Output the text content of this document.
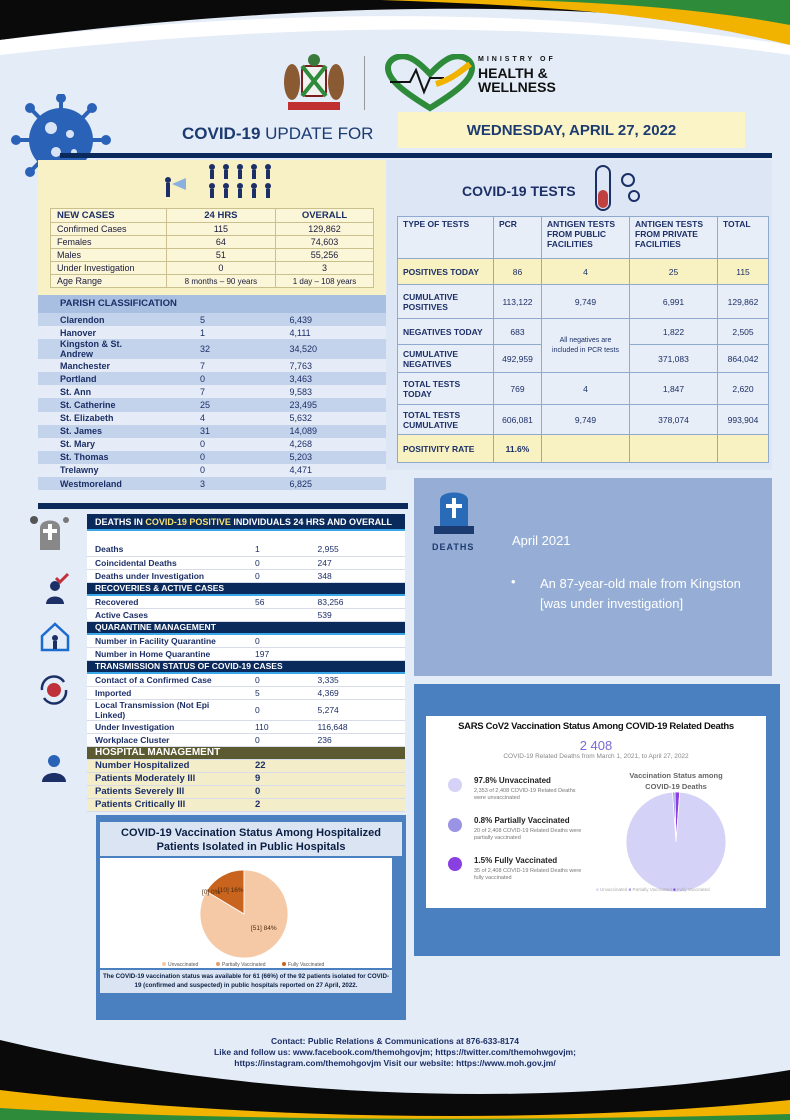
MINISTRY OF
HEALTH &
WELLNESS
COVID-19 UPDATE FOR	WEDNESDAY, APRIL 27, 2022
NEW CASES	24 HRS	OVERALL
Confirmed Cases	115	129,862
Females	64	74,603
Males	51	55,256
Under Investigation	0	3
Age Range	8 months – 90 years	1 day – 108 years
PARISH CLASSIFICATION
Clarendon	5	6,439
Hanover	1	4,111
Kingston & St. Andrew	32	34,520
Manchester	7	7,763
Portland	0	3,463
St. Ann	7	9,583
St. Catherine	25	23,495
St. Elizabeth	4	5,632
St. James	31	14,089
St. Mary	0	4,268
St. Thomas	0	5,203
Trelawny	0	4,471
Westmoreland	3	6,825
COVID-19 TESTS
TYPE OF TESTS	PCR	ANTIGEN TESTS FROM PUBLIC FACILITIES	ANTIGEN TESTS FROM PRIVATE FACILITIES	TOTAL
POSITIVES TODAY	86	4	25	115
CUMULATIVE POSITIVES	113,122	9,749	6,991	129,862
NEGATIVES TODAY	683	All negatives are included in PCR tests	1,822	2,505
CUMULATIVE NEGATIVES	492,959		371,083	864,042
TOTAL TESTS TODAY	769	4	1,847	2,620
TOTAL TESTS CUMULATIVE	606,081	9,749	378,074	993,904
POSITIVITY RATE	11.6%			
DEATHS	April 2021
• An 87-year-old male from Kingston [was under investigation]
DEATHS IN COVID-19 POSITIVE INDIVIDUALS 24 HRS AND OVERALL		

Deaths	1	2,955
Coincidental Deaths	0	247
Deaths under Investigation	0	348
RECOVERIES & ACTIVE CASES		
Recovered	56	83,256
Active Cases		539
QUARANTINE MANAGEMENT		
Number in Facility Quarantine	0	
Number in Home Quarantine	197	
TRANSMISSION STATUS OF COVID-19 CASES		
Contact of a Confirmed Case	0	3,335
Imported	5	4,369
Local Transmission (Not Epi Linked)	0	5,274
Under Investigation	110	116,648
Workplace Cluster	0	236
HOSPITAL MANAGEMENT		
Number Hospitalized	22	
Patients Moderately Ill	9	
Patients Severely Ill	0	
Patients Critically Ill	2	
COVID-19 Vaccination Status Among Hospitalized Patients Isolated in Public Hospitals
[51] 84%
[0] 0%
[10] 16%
Unvaccinated	Partially Vaccinated	Fully Vaccinated
The COVID-19 vaccination status was available for 61 (66%) of the 92 patients isolated for COVID-19 (confirmed and suspected) in public hospitals reported on 27 April, 2022.
SARS CoV2 Vaccination Status Among COVID-19 Related Deaths
2 408
COVID-19 Related Deaths from March 1, 2021, to April 27, 2022
97.8% Unvaccinated
2,353 of 2,408 COVID-19 Related Deaths were unvaccinated
0.8% Partially Vaccinated
20 of 2,408 COVID-19 Related Deaths were partially vaccinated
1.5% Fully Vaccinated
35 of 2,408 COVID-19 Related Deaths were fully vaccinated
Vaccination Status among COVID-19 Deaths
■ Unvaccinated ■ Partially Vaccinated ■ Fully Vaccinated
Contact: Public Relations & Communications at 876-633-8174
Like and follow us: www.facebook.com/themohgovjm; https://twitter.com/themohwgovjm;
https://instagram.com/themohgovjm Visit our website: https://www.moh.gov.jm/
